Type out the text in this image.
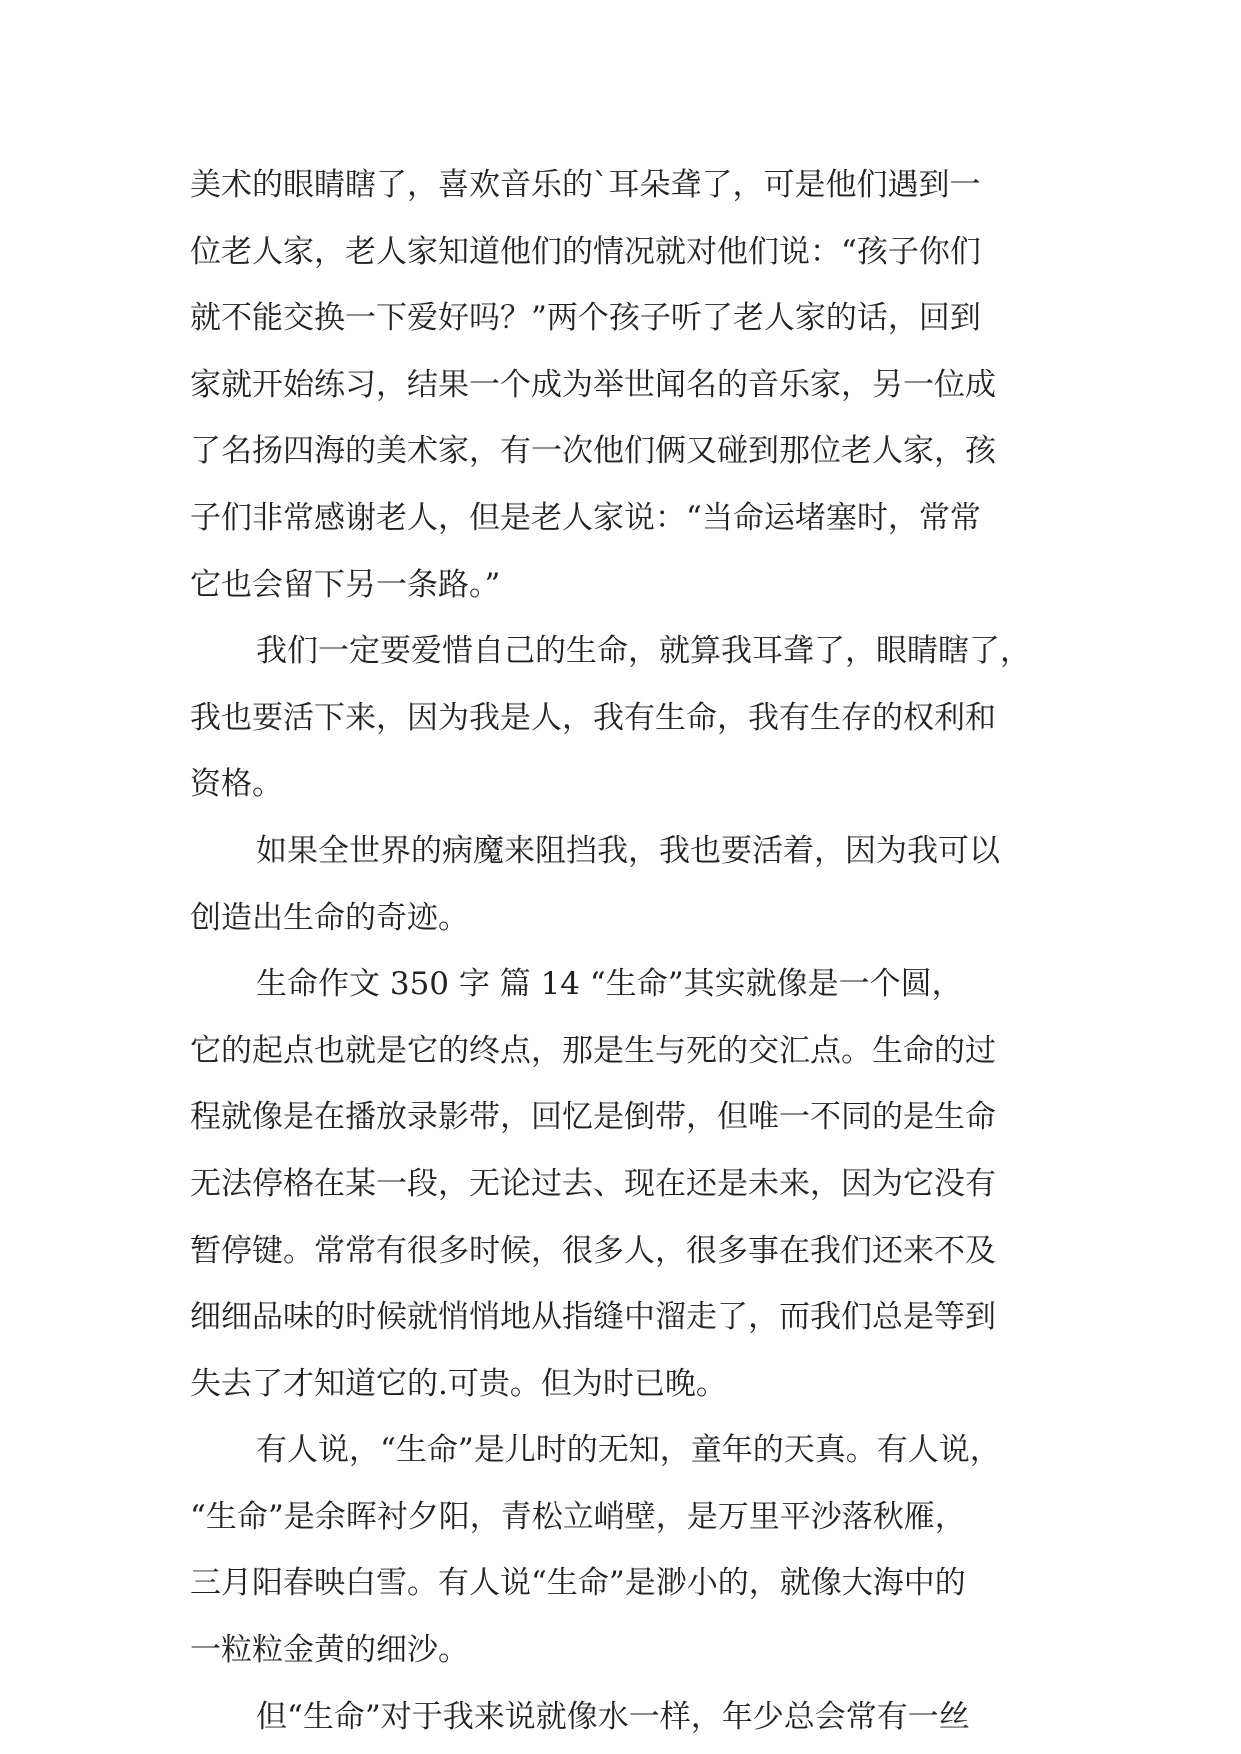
美术的眼睛瞎了，喜欢音乐的`耳朵聋了，可是他们遇到一
位老人家，老人家知道他们的情况就对他们说：“孩子你们
就不能交换一下爱好吗？”两个孩子听了老人家的话，回到
家就开始练习，结果一个成为举世闻名的音乐家，另一位成
了名扬四海的美术家，有一次他们俩又碰到那位老人家，孩
子们非常感谢老人，但是老人家说：“当命运堵塞时，常常
它也会留下另一条路。”
我们一定要爱惜自己的生命，就算我耳聋了，眼睛瞎了，
我也要活下来，因为我是人，我有生命，我有生存的权利和
资格。
如果全世界的病魔来阻挡我，我也要活着，因为我可以
创造出生命的奇迹。
生命作文 350 字 篇 14 “生命”其实就像是一个圆，
它的起点也就是它的终点，那是生与死的交汇点。生命的过
程就像是在播放录影带，回忆是倒带，但唯一不同的是生命
无法停格在某一段，无论过去、现在还是未来，因为它没有
暂停键。常常有很多时候，很多人，很多事在我们还来不及
细细品味的时候就悄悄地从指缝中溜走了，而我们总是等到
失去了才知道它的.可贵。但为时已晚。
有人说，“生命”是儿时的无知，童年的天真。有人说，
“生命”是余晖衬夕阳，青松立峭壁，是万里平沙落秋雁，
三月阳春映白雪。有人说“生命”是渺小的，就像大海中的
一粒粒金黄的细沙。
但“生命”对于我来说就像水一样，年少总会常有一丝
